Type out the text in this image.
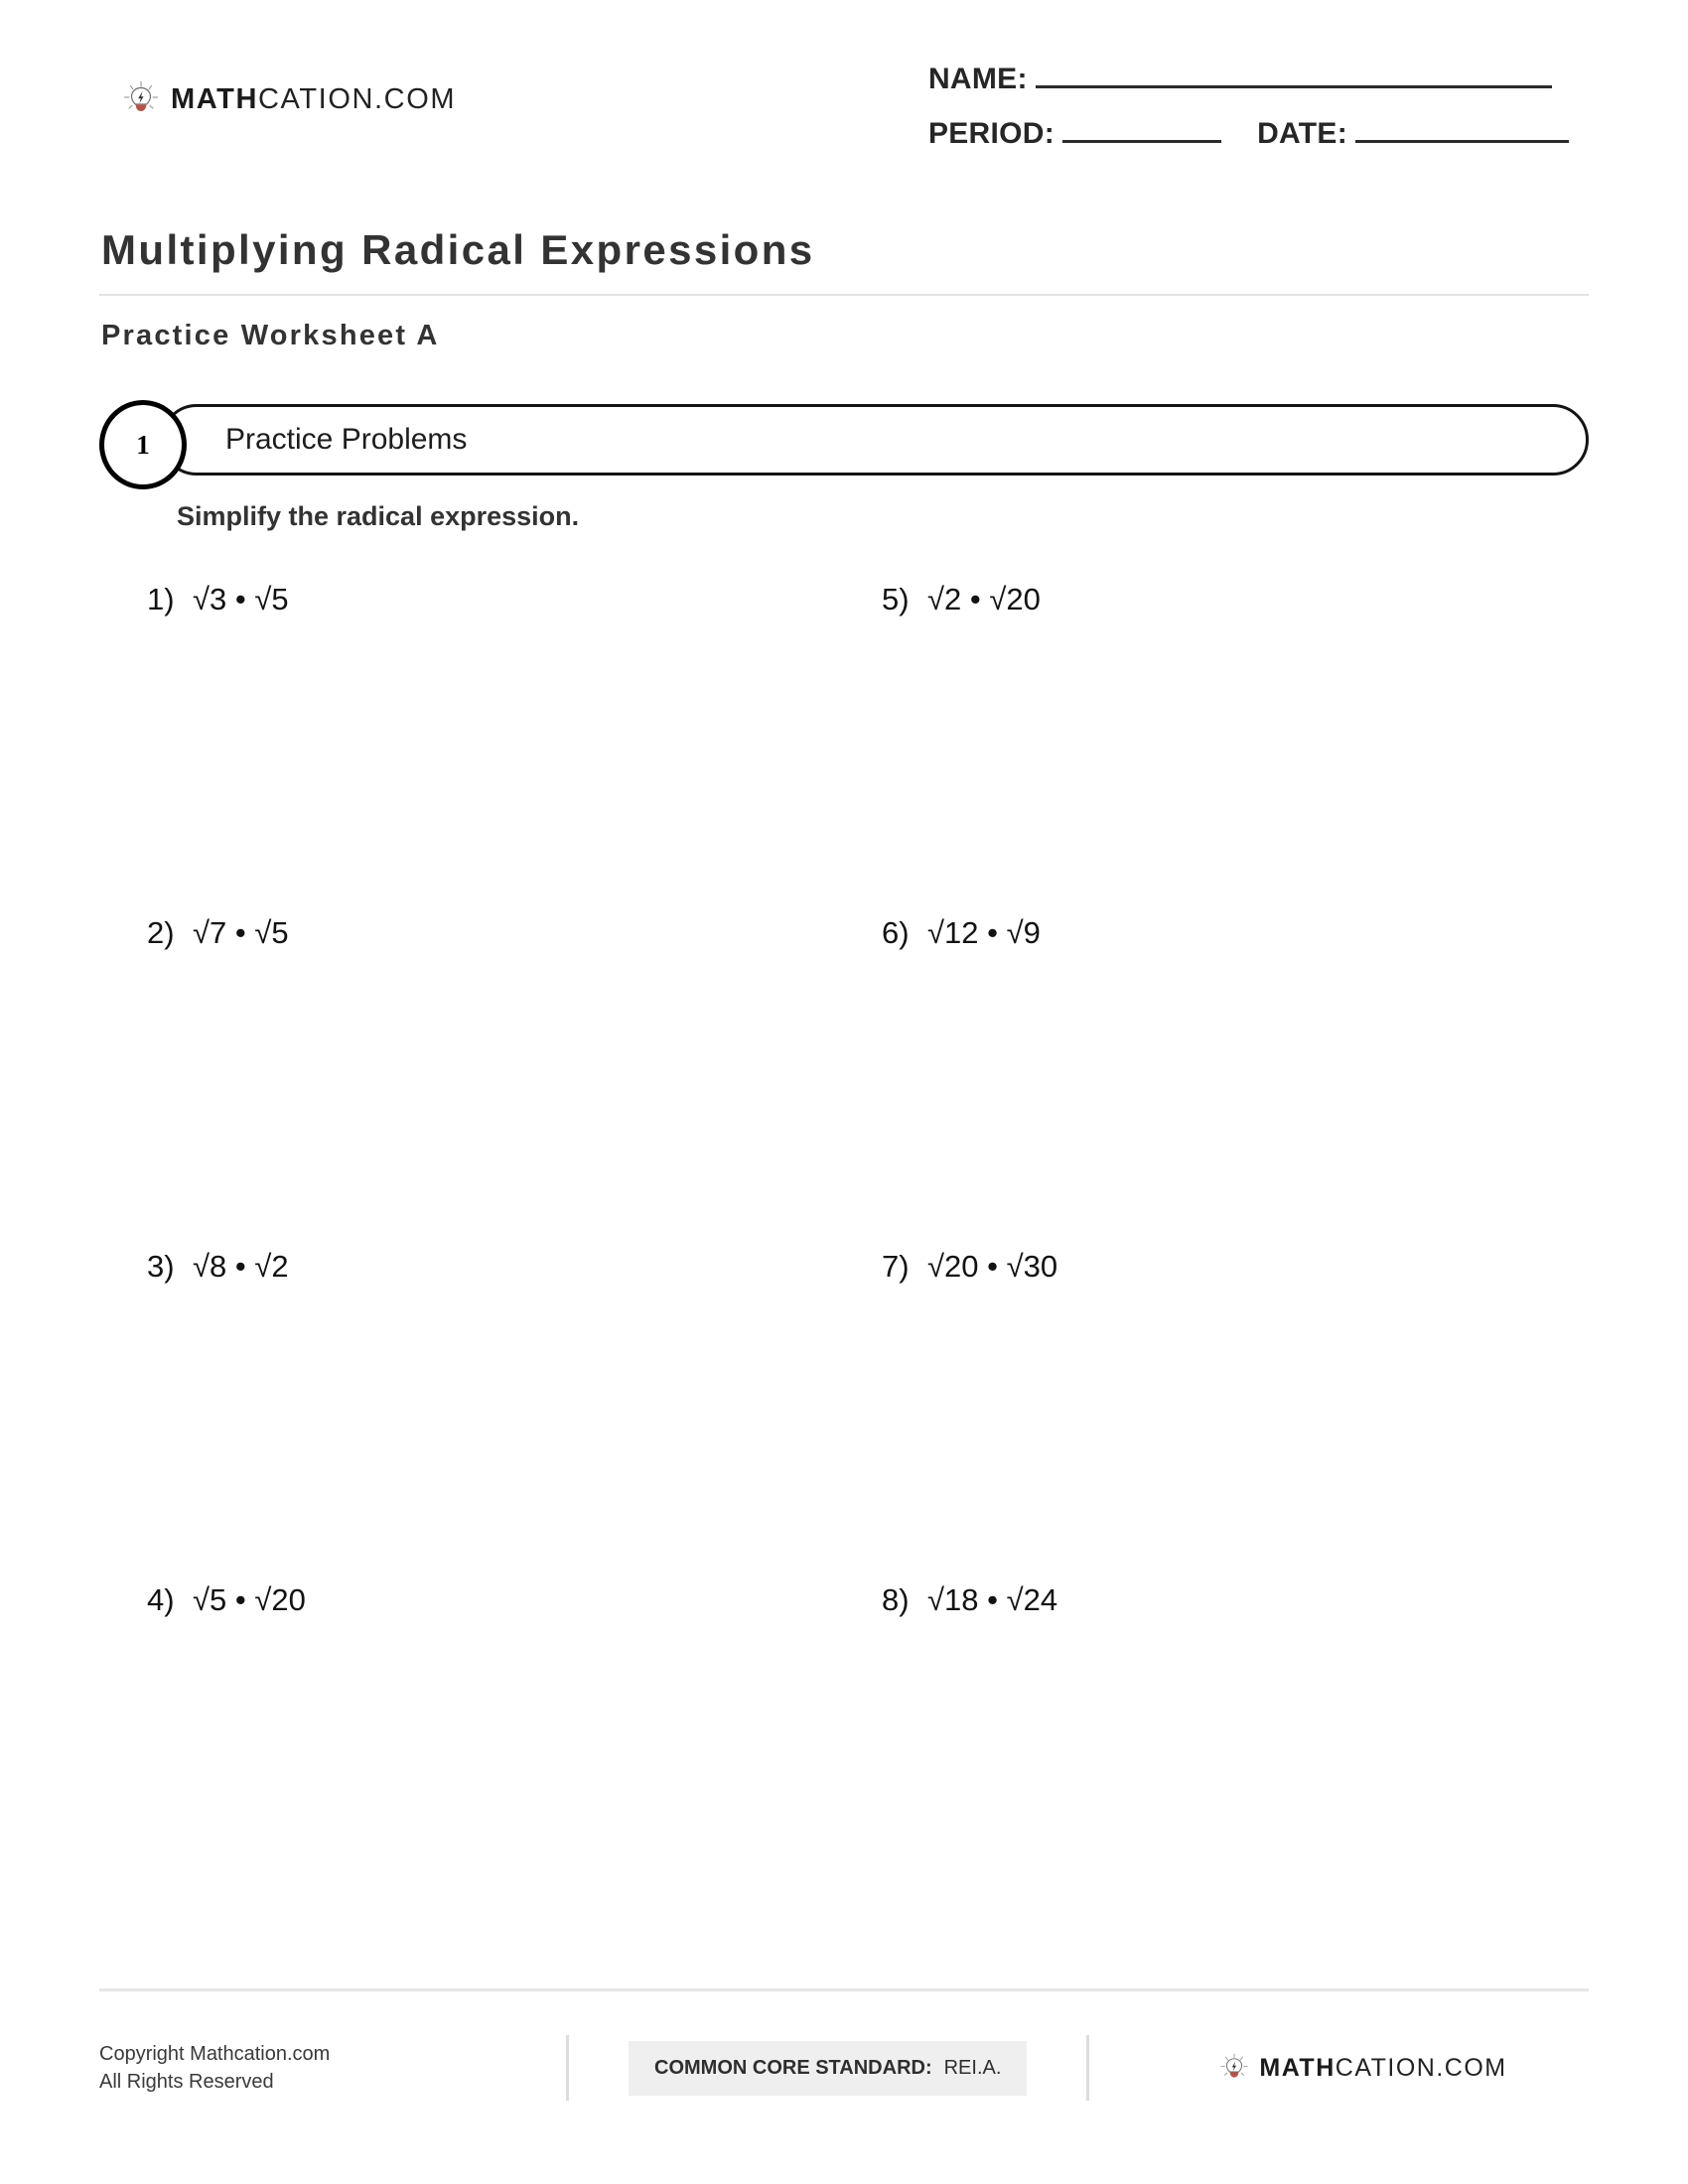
MATHCATION.COM
NAME:
PERIOD:	DATE:
Multiplying Radical Expressions
Practice Worksheet A
Practice Problems
1
Simplify the radical expression.
1) √3 • √5	5) √2 • √20
2) √7 • √5	6) √12 • √9
3) √8 • √2	7) √20 • √30
4) √5 • √20	8) √18 • √24
Copyright Mathcation.com
All Rights Reserved
COMMON CORE STANDARD: REI.A.	MATHCATION.COM
